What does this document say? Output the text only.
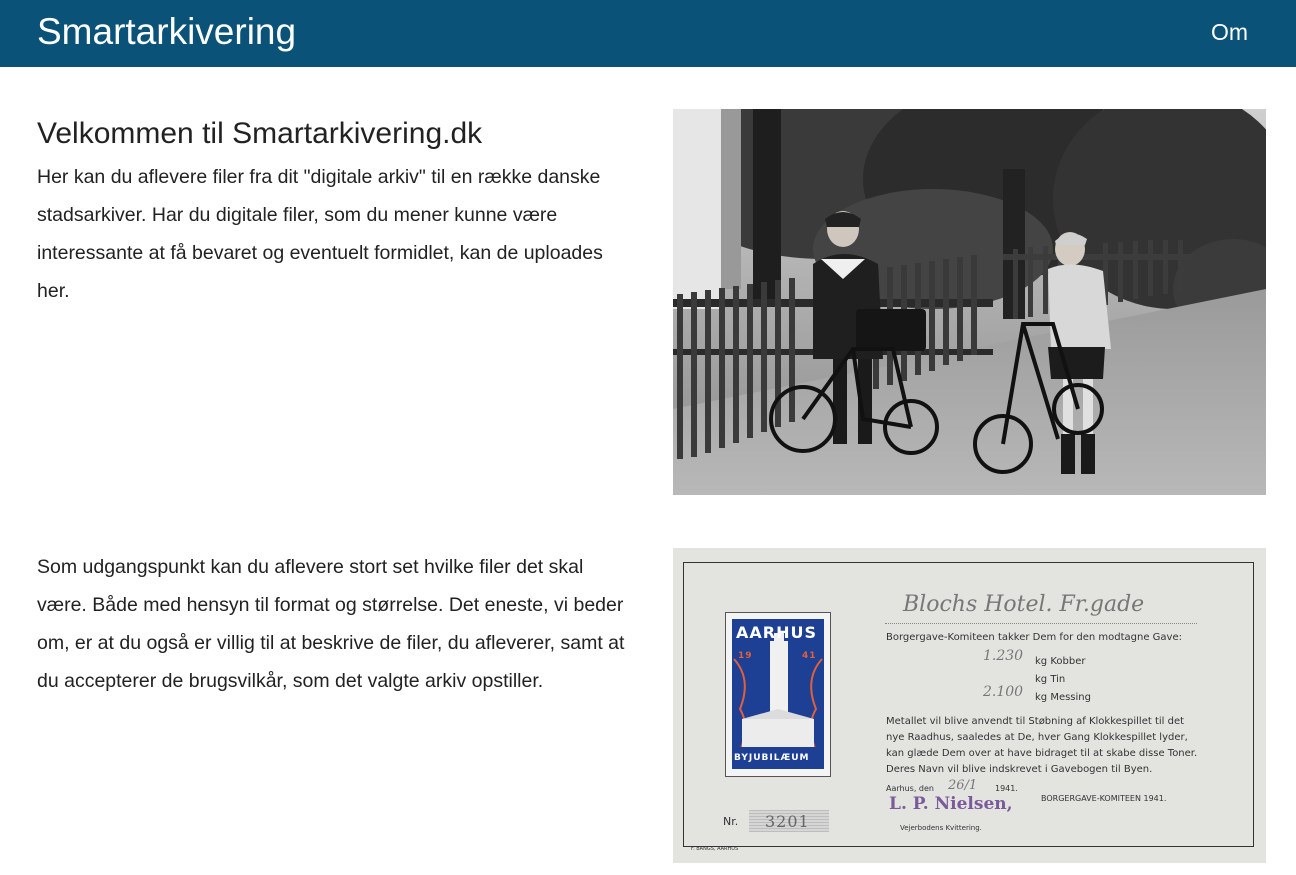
Smartarkivering	Om
Velkommen til Smartarkivering.dk

Her kan du aflevere filer fra dit "digitale arkiv" til en række danske stadsarkiver. Har du digitale filer, som du mener kunne være interessante at få bevaret og eventuelt formidlet, kan de uploades her.

Som udgangspunkt kan du aflevere stort set hvilke filer det skal være. Både med hensyn til format og størrelse. Det eneste, vi beder om, er at du også er villig til at beskrive de filer, du afleverer, samt at du accepterer de brugsvilkår, som det valgte arkiv opstiller.

AARHUS
19	41
BYJUBILÆUM
Blochs Hotel. Fr.gade
Borgergave-Komiteen takker Dem for den modtagne Gave:
1.230 kg Kobber
kg Tin
2.100 kg Messing
Metallet vil blive anvendt til Støbning af Klokkespillet til det
nye Raadhus, saaledes at De, hver Gang Klokkespillet lyder,
kan glæde Dem over at have bidraget til at skabe disse Toner.
Deres Navn vil blive indskrevet i Gavebogen til Byen.
Aarhus, den 26/1 1941.
BORGERGAVE-KOMITEEN 1941.
L. P. Nielsen,
Vejerbodens Kvittering.
Nr. 3201
F. BANGS, AARHUS
